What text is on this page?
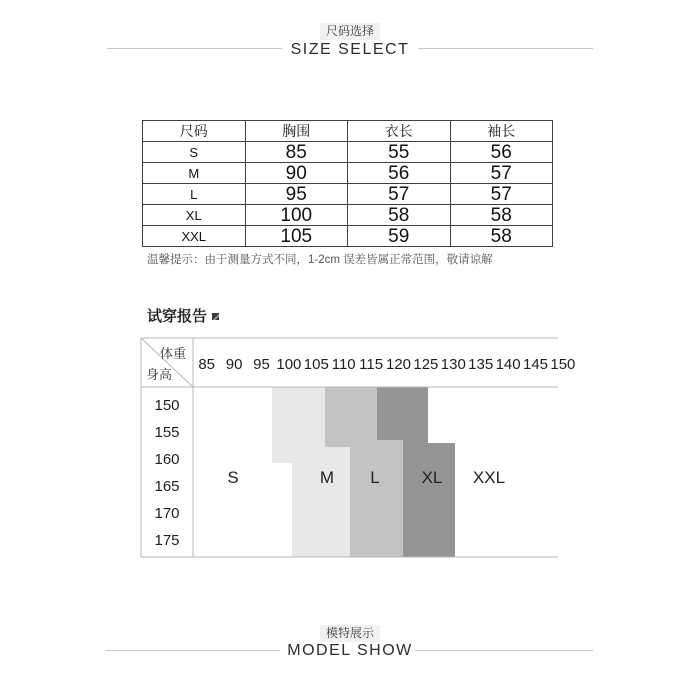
尺码选择
SIZE SELECT
尺码	胸围	衣长	袖长
S	85	55	56
M	90	56	57
L	95	57	57
XL	100	58	58
XXL	105	59	58
温馨提示：由于测量方式不同，1-2cm 误差皆属正常范围，敬请谅解
试穿报告
体重
身高
85 90 95 100 105 110 115 120 125 130 135 140 145 150
150
155
160
165
170
175
S	M L XL XXL
模特展示
MODEL SHOW
